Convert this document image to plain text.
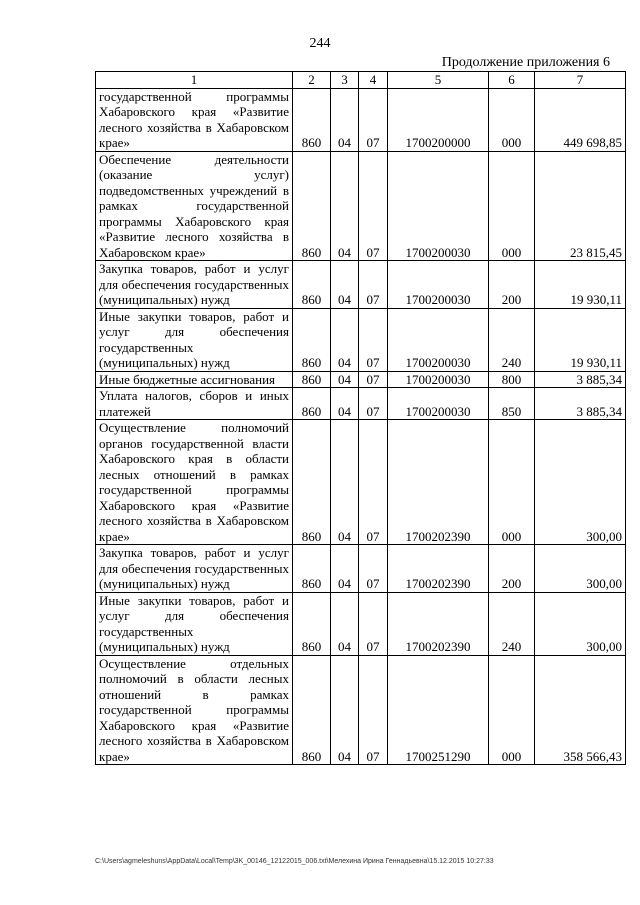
244
Продолжение приложения 6
1	2	3	4	5	6	7
государственной программы Хабаровского края «Развитие лесного хозяйства в Хабаровском крае»	860	04	07	1700200000	000	449 698,85
Обеспечение деятельности (оказание услуг) подведомственных учреждений в рамках государственной программы Хабаровского края «Развитие лесного хозяйства в Хабаровском крае»	860	04	07	1700200030	000	23 815,45
Закупка товаров, работ и услуг для обеспечения государственных (муниципальных) нужд	860	04	07	1700200030	200	19 930,11
Иные закупки товаров, работ и услуг для обеспечения государственных (муниципальных) нужд	860	04	07	1700200030	240	19 930,11
Иные бюджетные ассигнования	860	04	07	1700200030	800	3 885,34
Уплата налогов, сборов и иных платежей	860	04	07	1700200030	850	3 885,34
Осуществление полномочий органов государственной власти Хабаровского края в области лесных отношений в рамках государственной программы Хабаровского края «Развитие лесного хозяйства в Хабаровском крае»	860	04	07	1700202390	000	300,00
Закупка товаров, работ и услуг для обеспечения государственных (муниципальных) нужд	860	04	07	1700202390	200	300,00
Иные закупки товаров, работ и услуг для обеспечения государственных (муниципальных) нужд	860	04	07	1700202390	240	300,00
Осуществление отдельных полномочий в области лесных отношений в рамках государственной программы Хабаровского края «Развитие лесного хозяйства в Хабаровском крае»	860	04	07	1700251290	000	358 566,43
C:\Users\agmeleshuns\AppData\Local\Temp\3K_00146_12122015_006.txt\Мелехина Ирина Геннадьевна\15.12.2015 10:27:33
